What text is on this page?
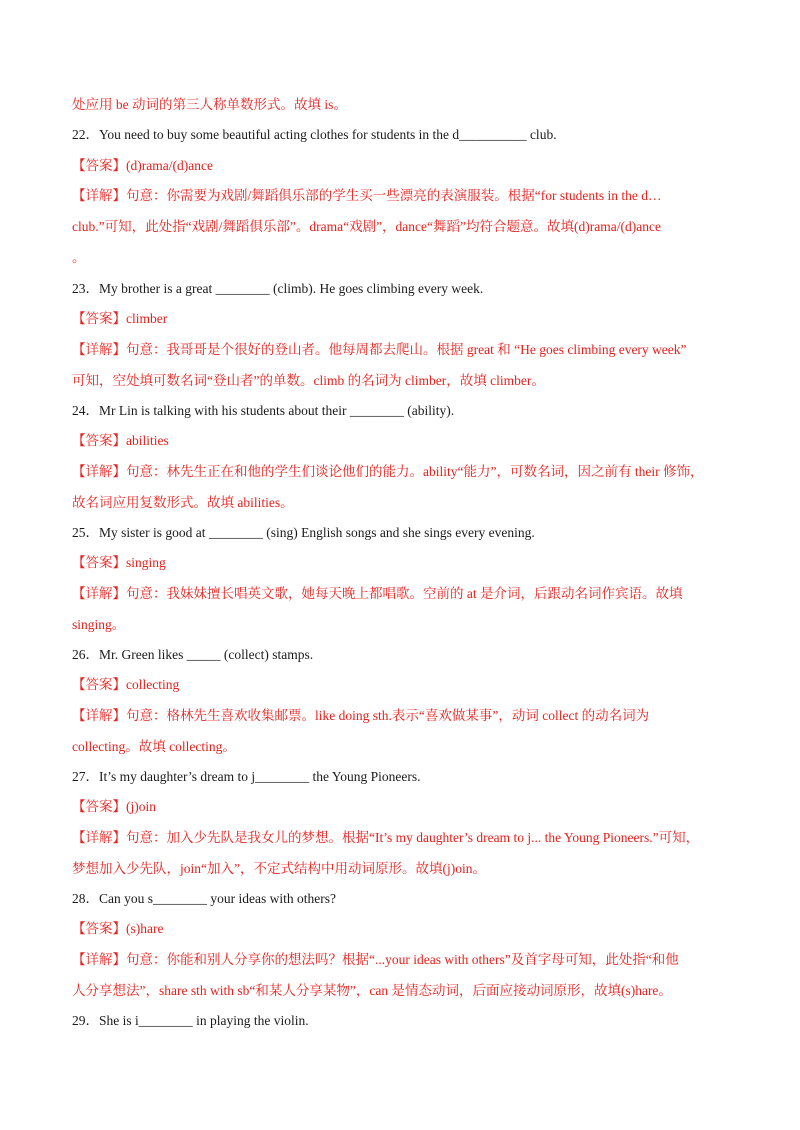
处应用 be 动词的第三人称单数形式。故填 is。
22．You need to buy some beautiful acting clothes for students in the d__________ club.
【答案】(d)rama/(d)ance
【详解】句意：你需要为戏剧/舞蹈俱乐部的学生买一些漂亮的表演服装。根据“for students in the d…
club.”可知，此处指“戏剧/舞蹈俱乐部”。drama“戏剧”，dance“舞蹈”均符合题意。故填(d)rama/(d)ance
。
23．My brother is a great ________ (climb). He goes climbing every week.
【答案】climber
【详解】句意：我哥哥是个很好的登山者。他每周都去爬山。根据 great 和 “He goes climbing every week”
可知，空处填可数名词“登山者”的单数。climb 的名词为 climber，故填 climber。
24．Mr Lin is talking with his students about their ________ (ability).
【答案】abilities
【详解】句意：林先生正在和他的学生们谈论他们的能力。ability“能力”，可数名词，因之前有 their 修饰，
故名词应用复数形式。故填 abilities。
25．My sister is good at ________ (sing) English songs and she sings every evening.
【答案】singing
【详解】句意：我妹妹擅长唱英文歌，她每天晚上都唱歌。空前的 at 是介词，后跟动名词作宾语。故填
singing。
26．Mr. Green likes _____ (collect) stamps.
【答案】collecting
【详解】句意：格林先生喜欢收集邮票。like doing sth.表示“喜欢做某事”，动词 collect 的动名词为
collecting。故填 collecting。
27．It’s my daughter’s dream to j________ the Young Pioneers.
【答案】(j)oin
【详解】句意：加入少先队是我女儿的梦想。根据“It’s my daughter’s dream to j... the Young Pioneers.”可知，
梦想加入少先队，join“加入”，不定式结构中用动词原形。故填(j)oin。
28．Can you s________ your ideas with others?
【答案】(s)hare
【详解】句意：你能和别人分享你的想法吗？根据“...your ideas with others”及首字母可知，此处指“和他
人分享想法”，share sth with sb“和某人分享某物”，can 是情态动词，后面应接动词原形，故填(s)hare。
29．She is i________ in playing the violin.
